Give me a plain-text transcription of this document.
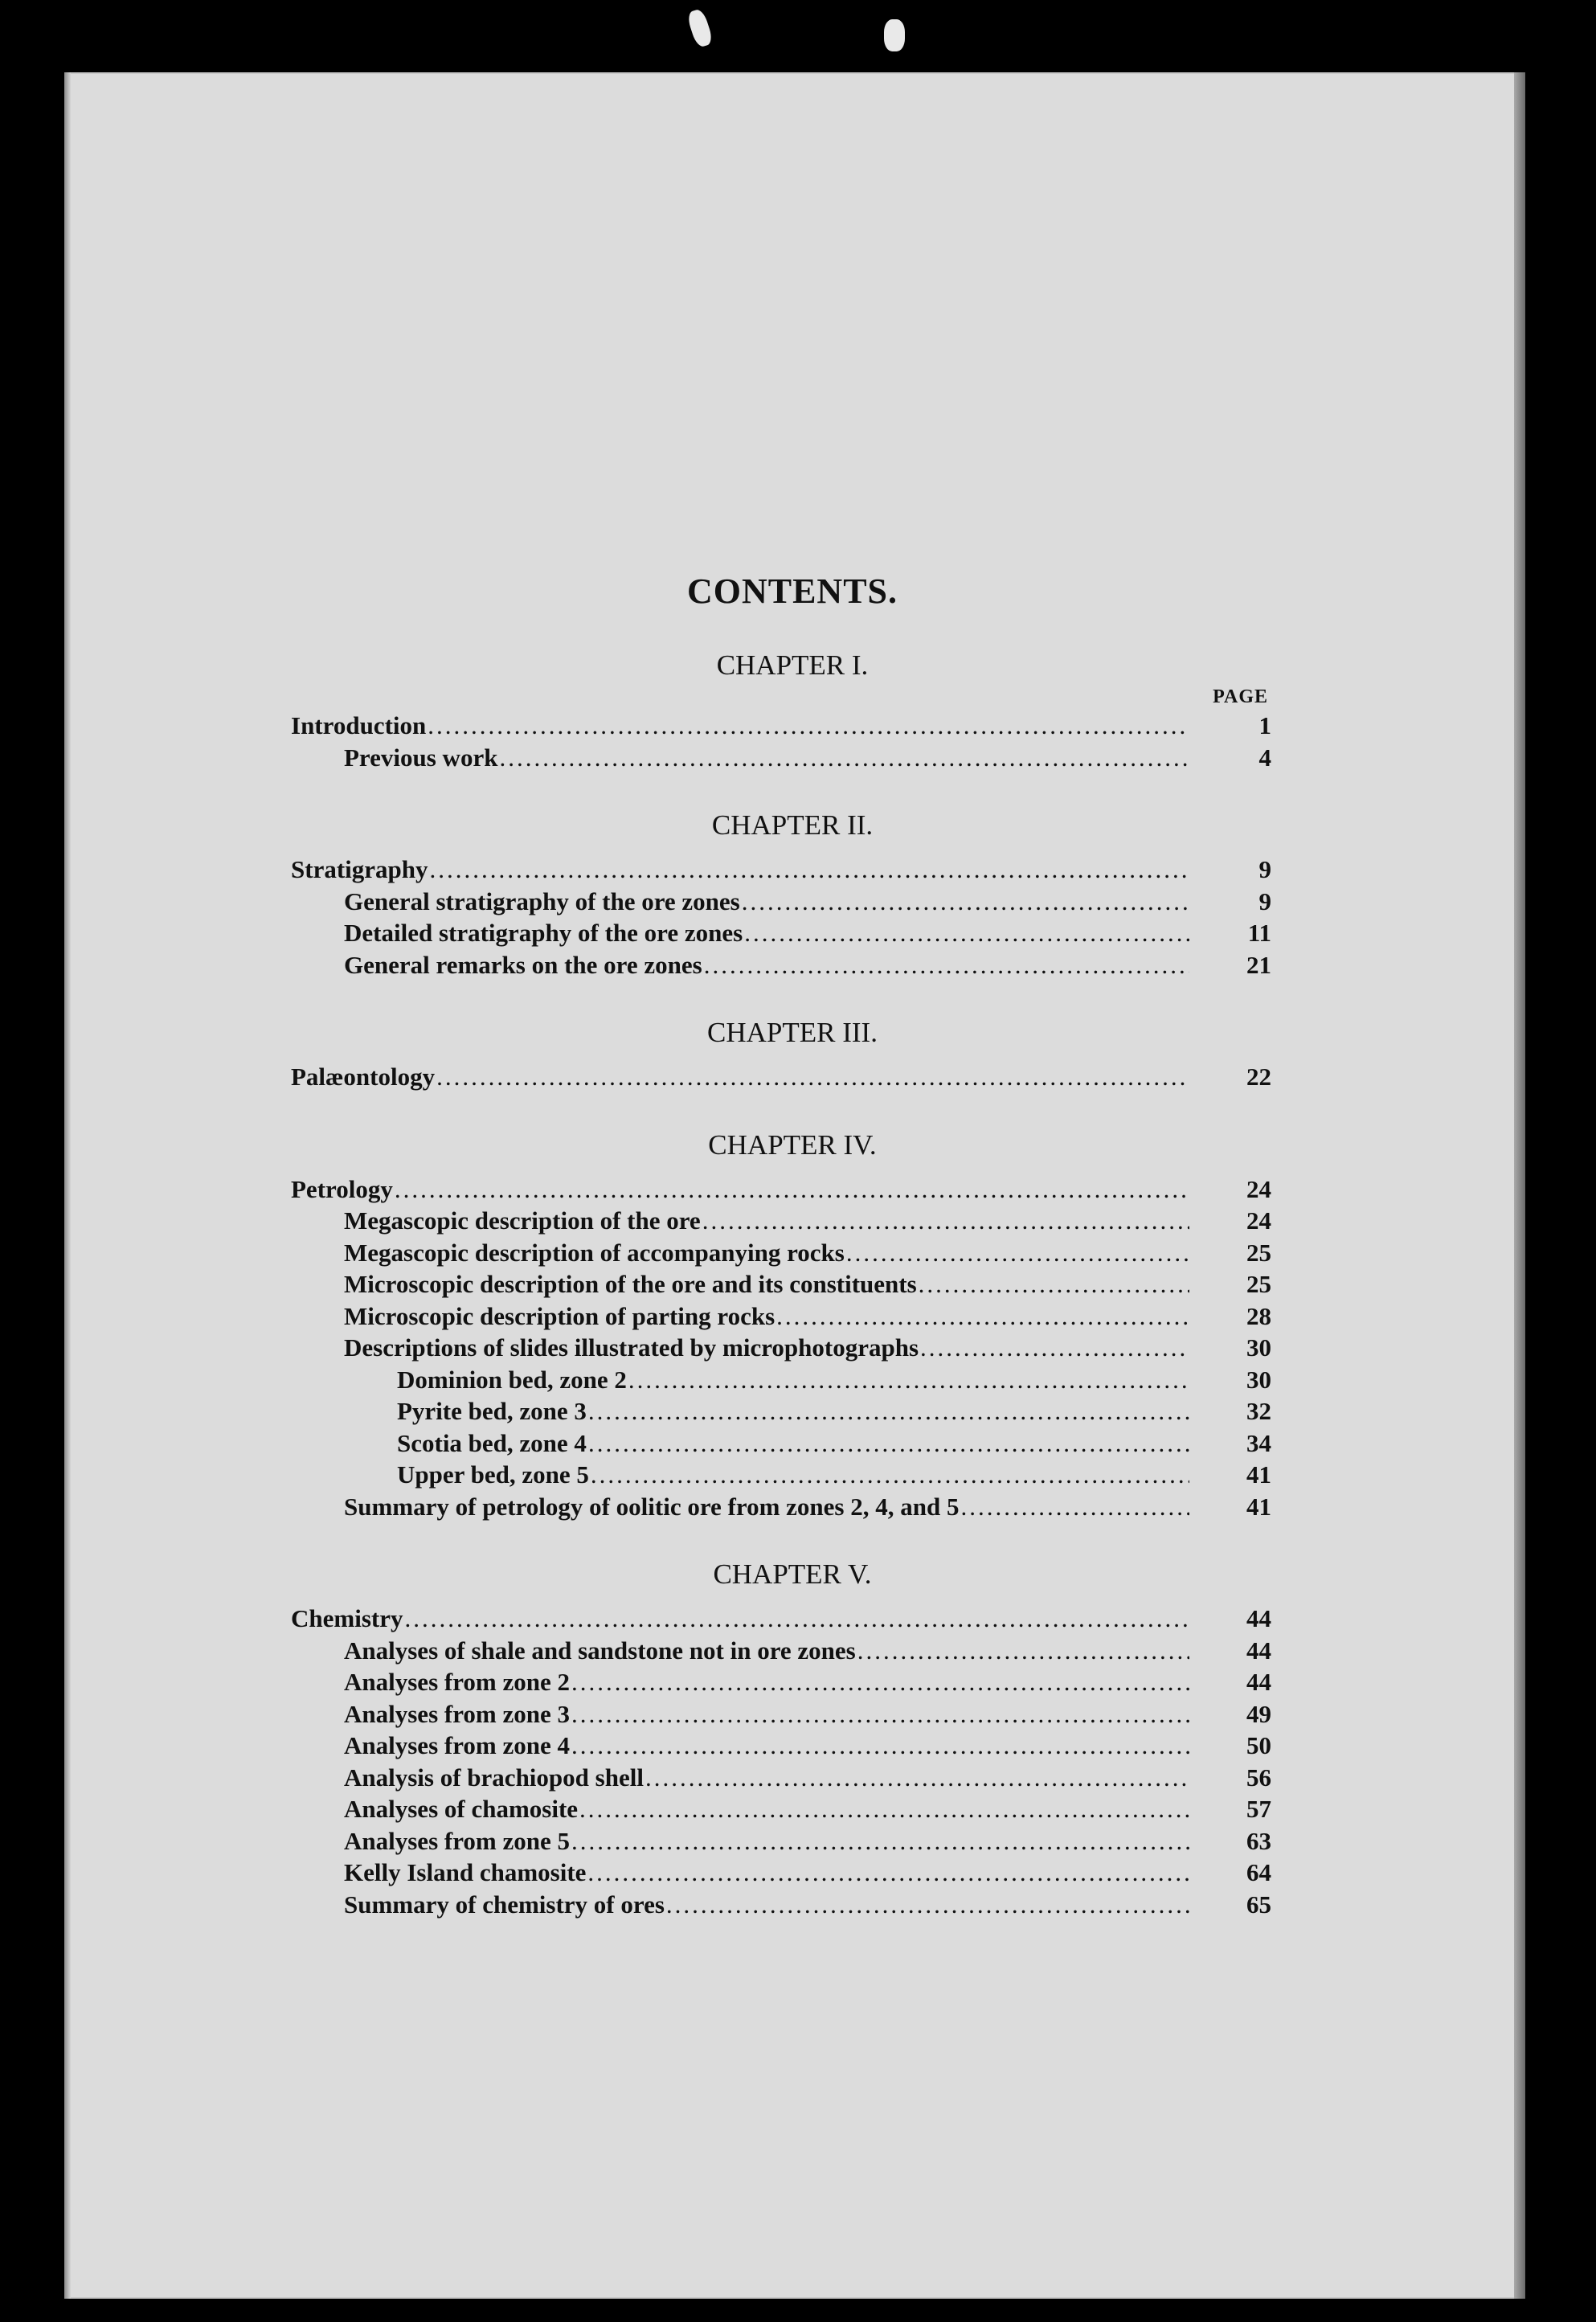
CONTENTS.
CHAPTER I.
PAGE
Introduction .....	1
Previous work .....	4
CHAPTER II.
Stratigraphy .....	9
General stratigraphy of the ore zones .....	9
Detailed stratigraphy of the ore zones .....	11
General remarks on the ore zones .....	21
CHAPTER III.
Palæontology .....	22
CHAPTER IV.
Petrology .....	24
Megascopic description of the ore .....	24
Megascopic description of accompanying rocks .....	25
Microscopic description of the ore and its constituents .....	25
Microscopic description of parting rocks .....	28
Descriptions of slides illustrated by microphotographs .....	30
Dominion bed, zone 2 .....	30
Pyrite bed, zone 3 .....	32
Scotia bed, zone 4 .....	34
Upper bed, zone 5 .....	41
Summary of petrology of oolitic ore from zones 2, 4, and 5 .....	41
CHAPTER V.
Chemistry .....	44
Analyses of shale and sandstone not in ore zones .....	44
Analyses from zone 2 .....	44
Analyses from zone 3 .....	49
Analyses from zone 4 .....	50
Analysis of brachiopod shell .....	56
Analyses of chamosite .....	57
Analyses from zone 5 .....	63
Kelly Island chamosite .....	64
Summary of chemistry of ores .....	65
